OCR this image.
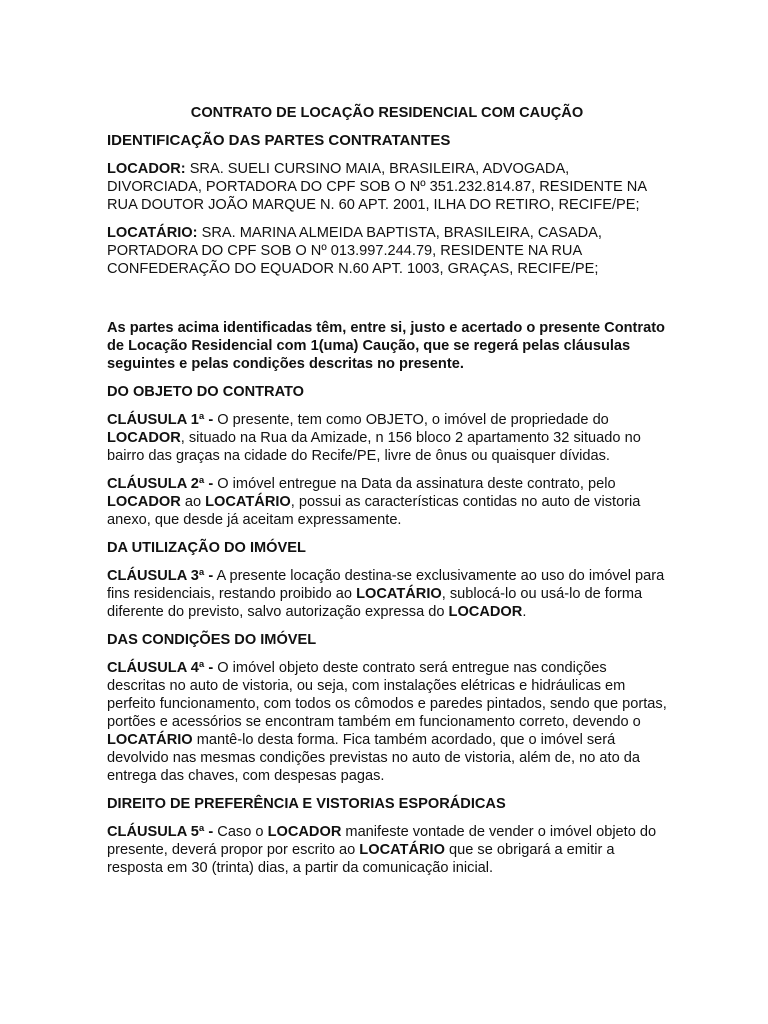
CONTRATO DE LOCAÇÃO RESIDENCIAL COM CAUÇÃO

IDENTIFICAÇÃO DAS PARTES CONTRATANTES

LOCADOR: SRA. SUELI CURSINO MAIA, BRASILEIRA, ADVOGADA, DIVORCIADA, PORTADORA DO CPF SOB O Nº 351.232.814.87, RESIDENTE NA RUA DOUTOR JOÃO MARQUE N. 60 APT. 2001, ILHA DO RETIRO, RECIFE/PE;

LOCATÁRIO: SRA. MARINA ALMEIDA BAPTISTA, BRASILEIRA, CASADA, PORTADORA DO CPF SOB O Nº 013.997.244.79, RESIDENTE NA RUA CONFEDERAÇÃO DO EQUADOR N.60 APT. 1003, GRAÇAS, RECIFE/PE;

As partes acima identificadas têm, entre si, justo e acertado o presente Contrato de Locação Residencial com 1(uma) Caução, que se regerá pelas cláusulas seguintes e pelas condições descritas no presente.

DO OBJETO DO CONTRATO

CLÁUSULA 1ª - O presente, tem como OBJETO, o imóvel de propriedade do LOCADOR, situado na Rua da Amizade, n 156 bloco 2 apartamento 32 situado no bairro das graças na cidade do Recife/PE, livre de ônus ou quaisquer dívidas.

CLÁUSULA 2ª - O imóvel entregue na Data da assinatura deste contrato, pelo LOCADOR ao LOCATÁRIO, possui as características contidas no auto de vistoria anexo, que desde já aceitam expressamente.

DA UTILIZAÇÃO DO IMÓVEL

CLÁUSULA 3ª - A presente locação destina-se exclusivamente ao uso do imóvel para fins residenciais, restando proibido ao LOCATÁRIO, sublocá-lo ou usá-lo de forma diferente do previsto, salvo autorização expressa do LOCADOR.

DAS CONDIÇÕES DO IMÓVEL

CLÁUSULA 4ª - O imóvel objeto deste contrato será entregue nas condições descritas no auto de vistoria, ou seja, com instalações elétricas e hidráulicas em perfeito funcionamento, com todos os cômodos e paredes pintados, sendo que portas, portões e acessórios se encontram também em funcionamento correto, devendo o LOCATÁRIO mantê-lo desta forma. Fica também acordado, que o imóvel será devolvido nas mesmas condições previstas no auto de vistoria, além de, no ato da entrega das chaves, com despesas pagas.

DIREITO DE PREFERÊNCIA E VISTORIAS ESPORÁDICAS

CLÁUSULA 5ª - Caso o LOCADOR manifeste vontade de vender o imóvel objeto do presente, deverá propor por escrito ao LOCATÁRIO que se obrigará a emitir a resposta em 30 (trinta) dias, a partir da comunicação inicial.
